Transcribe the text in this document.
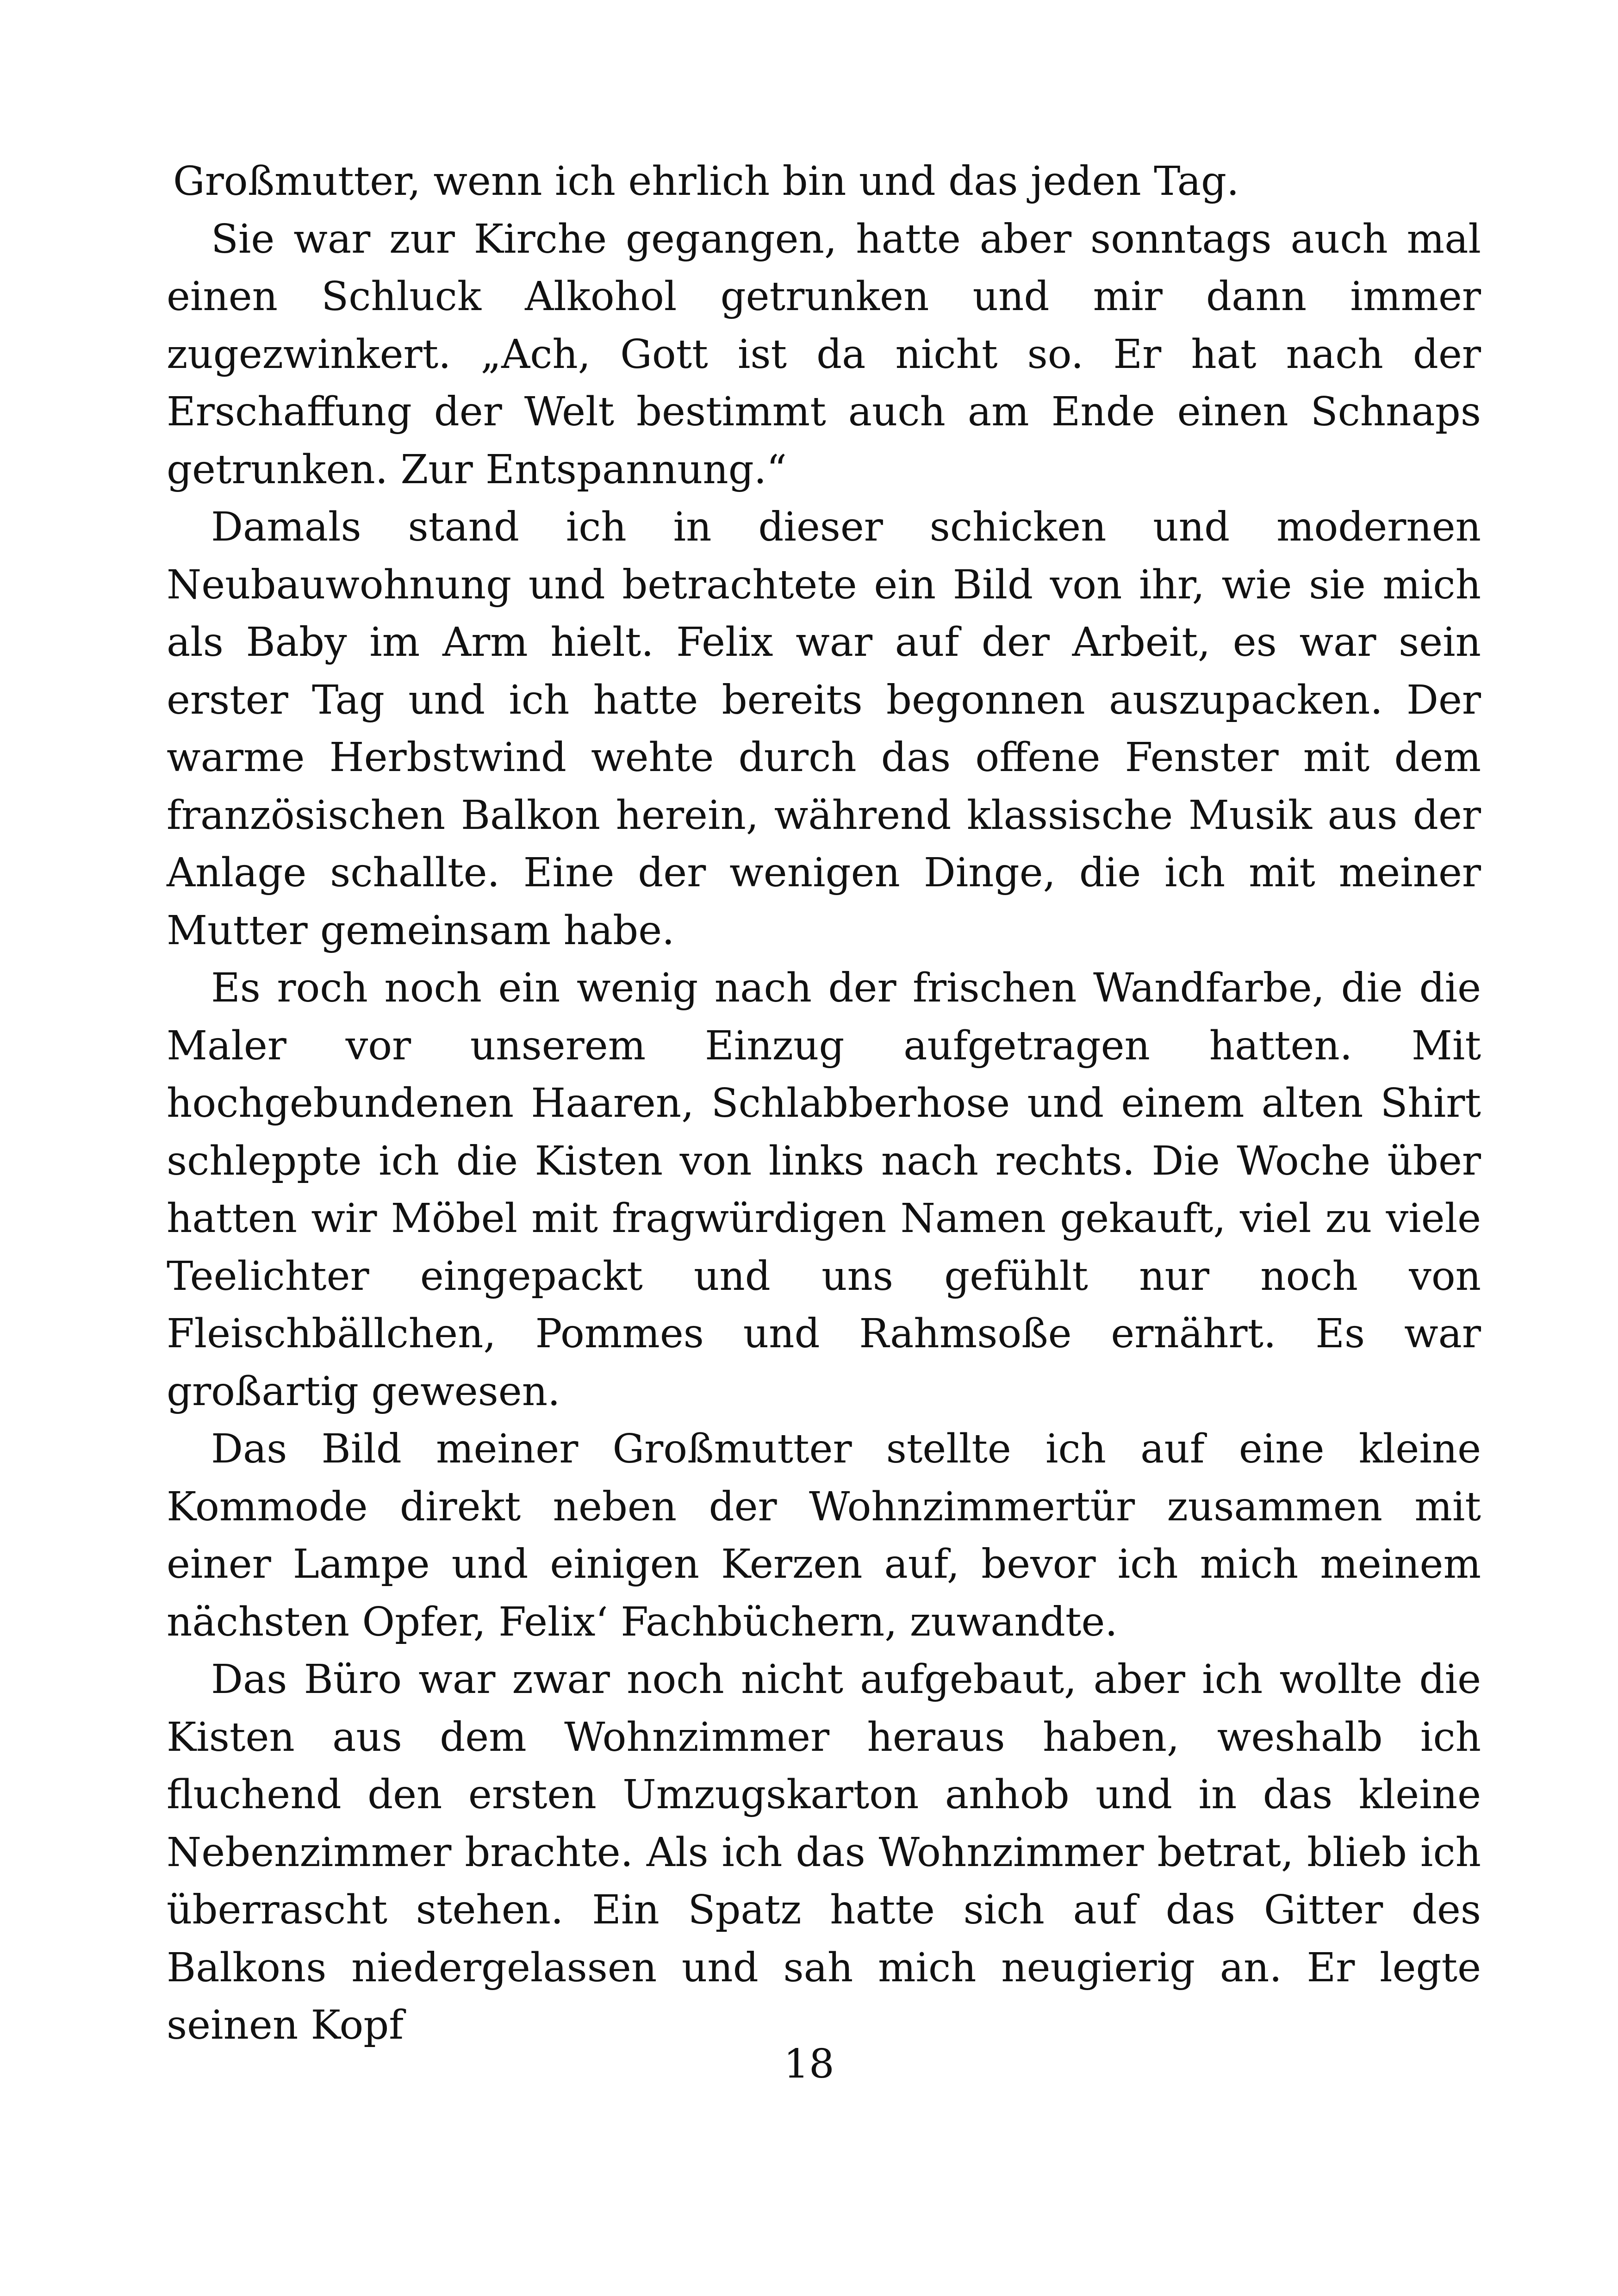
Großmutter, wenn ich ehrlich bin und das jeden Tag.

Sie war zur Kirche gegangen, hatte aber sonntags auch mal einen Schluck Alkohol getrunken und mir dann immer zugezwinkert. „Ach, Gott ist da nicht so. Er hat nach der Erschaffung der Welt bestimmt auch am Ende einen Schnaps getrunken. Zur Entspannung.“

Damals stand ich in dieser schicken und modernen Neubauwohnung und betrachtete ein Bild von ihr, wie sie mich als Baby im Arm hielt. Felix war auf der Arbeit, es war sein erster Tag und ich hatte bereits begonnen auszupacken. Der warme Herbstwind wehte durch das offene Fenster mit dem französischen Balkon herein, während klassische Musik aus der Anlage schallte. Eine der wenigen Dinge, die ich mit meiner Mutter gemeinsam habe.

Es roch noch ein wenig nach der frischen Wandfarbe, die die Maler vor unserem Einzug aufgetragen hatten. Mit hochgebundenen Haaren, Schlabberhose und einem alten Shirt schleppte ich die Kisten von links nach rechts. Die Woche über hatten wir Möbel mit fragwürdigen Namen gekauft, viel zu viele Teelichter eingepackt und uns gefühlt nur noch von Fleischbällchen, Pommes und Rahmsoße ernährt. Es war großartig gewesen.

Das Bild meiner Großmutter stellte ich auf eine kleine Kommode direkt neben der Wohnzimmertür zusammen mit einer Lampe und einigen Kerzen auf, bevor ich mich meinem nächsten Opfer, Felix‘ Fachbüchern, zuwandte.

Das Büro war zwar noch nicht aufgebaut, aber ich wollte die Kisten aus dem Wohnzimmer heraus haben, weshalb ich fluchend den ersten Umzugskarton anhob und in das kleine Nebenzimmer brachte. Als ich das Wohnzimmer betrat, blieb ich überrascht stehen. Ein Spatz hatte sich auf das Gitter des Balkons niedergelassen und sah mich neugierig an. Er legte seinen Kopf

18
